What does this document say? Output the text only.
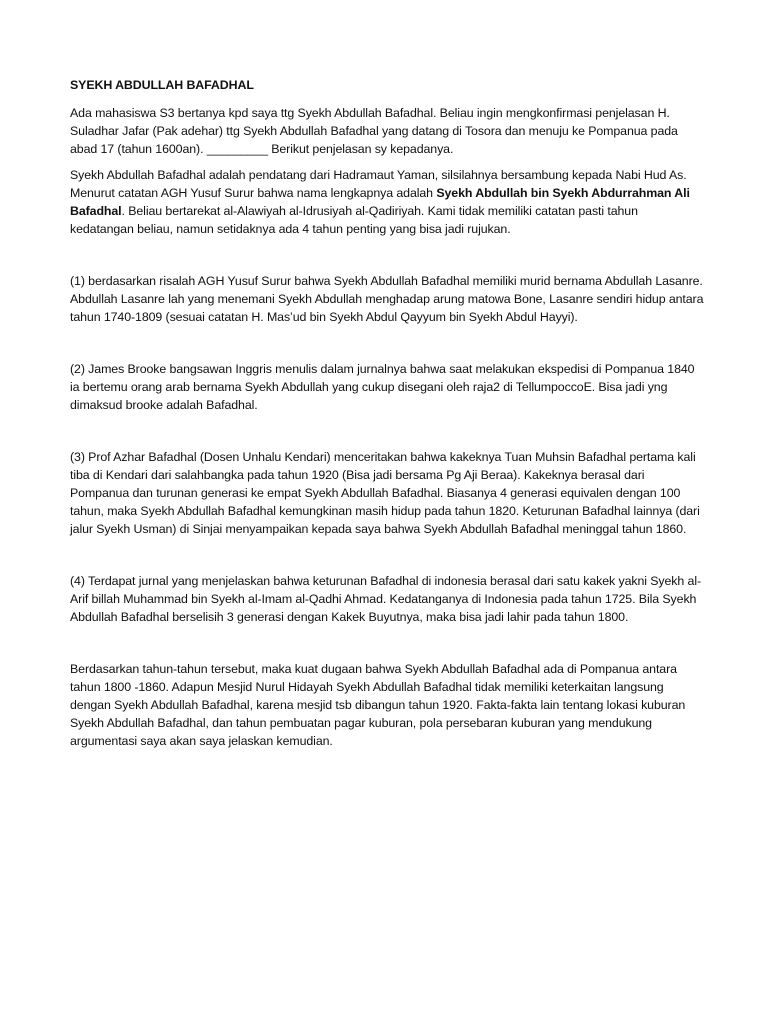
SYEKH ABDULLAH BAFADHAL

Ada mahasiswa S3 bertanya kpd saya ttg Syekh Abdullah Bafadhal. Beliau ingin mengkonfirmasi penjelasan H. Suladhar Jafar (Pak adehar) ttg Syekh Abdullah Bafadhal yang datang di Tosora dan menuju ke Pompanua pada abad 17 (tahun 1600an). _________ Berikut penjelasan sy kepadanya.

Syekh Abdullah Bafadhal adalah pendatang dari Hadramaut Yaman, silsilahnya bersambung kepada Nabi Hud As. Menurut catatan AGH Yusuf Surur bahwa nama lengkapnya adalah Syekh Abdullah bin Syekh Abdurrahman Ali Bafadhal. Beliau bertarekat al-Alawiyah al-Idrusiyah al-Qadiriyah. Kami tidak memiliki catatan pasti tahun kedatangan beliau, namun setidaknya ada 4 tahun penting yang bisa jadi rujukan.

(1) berdasarkan risalah AGH Yusuf Surur bahwa Syekh Abdullah Bafadhal memiliki murid bernama Abdullah Lasanre. Abdullah Lasanre lah yang menemani Syekh Abdullah menghadap arung matowa Bone, Lasanre sendiri hidup antara tahun 1740-1809 (sesuai catatan H. Mas’ud bin Syekh Abdul Qayyum bin Syekh Abdul Hayyi).

(2) James Brooke bangsawan Inggris menulis dalam jurnalnya bahwa saat melakukan ekspedisi di Pompanua 1840 ia bertemu orang arab bernama Syekh Abdullah yang cukup disegani oleh raja2 di TellumpoccoE. Bisa jadi yng dimaksud brooke adalah Bafadhal.

(3) Prof Azhar Bafadhal (Dosen Unhalu Kendari) menceritakan bahwa kakeknya Tuan Muhsin Bafadhal pertama kali tiba di Kendari dari salahbangka pada tahun 1920 (Bisa jadi bersama Pg Aji Beraa). Kakeknya berasal dari Pompanua dan turunan generasi ke empat Syekh Abdullah Bafadhal. Biasanya 4 generasi equivalen dengan 100 tahun, maka Syekh Abdullah Bafadhal kemungkinan masih hidup pada tahun 1820. Keturunan Bafadhal lainnya (dari jalur Syekh Usman) di Sinjai menyampaikan kepada saya bahwa Syekh Abdullah Bafadhal meninggal tahun 1860.

(4) Terdapat jurnal yang menjelaskan bahwa keturunan Bafadhal di indonesia berasal dari satu kakek yakni Syekh al-Arif billah Muhammad bin Syekh al-Imam al-Qadhi Ahmad. Kedatanganya di Indonesia pada tahun 1725. Bila Syekh Abdullah Bafadhal berselisih 3 generasi dengan Kakek Buyutnya, maka bisa jadi lahir pada tahun 1800.

Berdasarkan tahun-tahun tersebut, maka kuat dugaan bahwa Syekh Abdullah Bafadhal ada di Pompanua antara tahun 1800 -1860. Adapun Mesjid Nurul Hidayah Syekh Abdullah Bafadhal tidak memiliki keterkaitan langsung dengan Syekh Abdullah Bafadhal, karena mesjid tsb dibangun tahun 1920. Fakta-fakta lain tentang lokasi kuburan Syekh Abdullah Bafadhal, dan tahun pembuatan pagar kuburan, pola persebaran kuburan yang mendukung argumentasi saya akan saya jelaskan kemudian.
